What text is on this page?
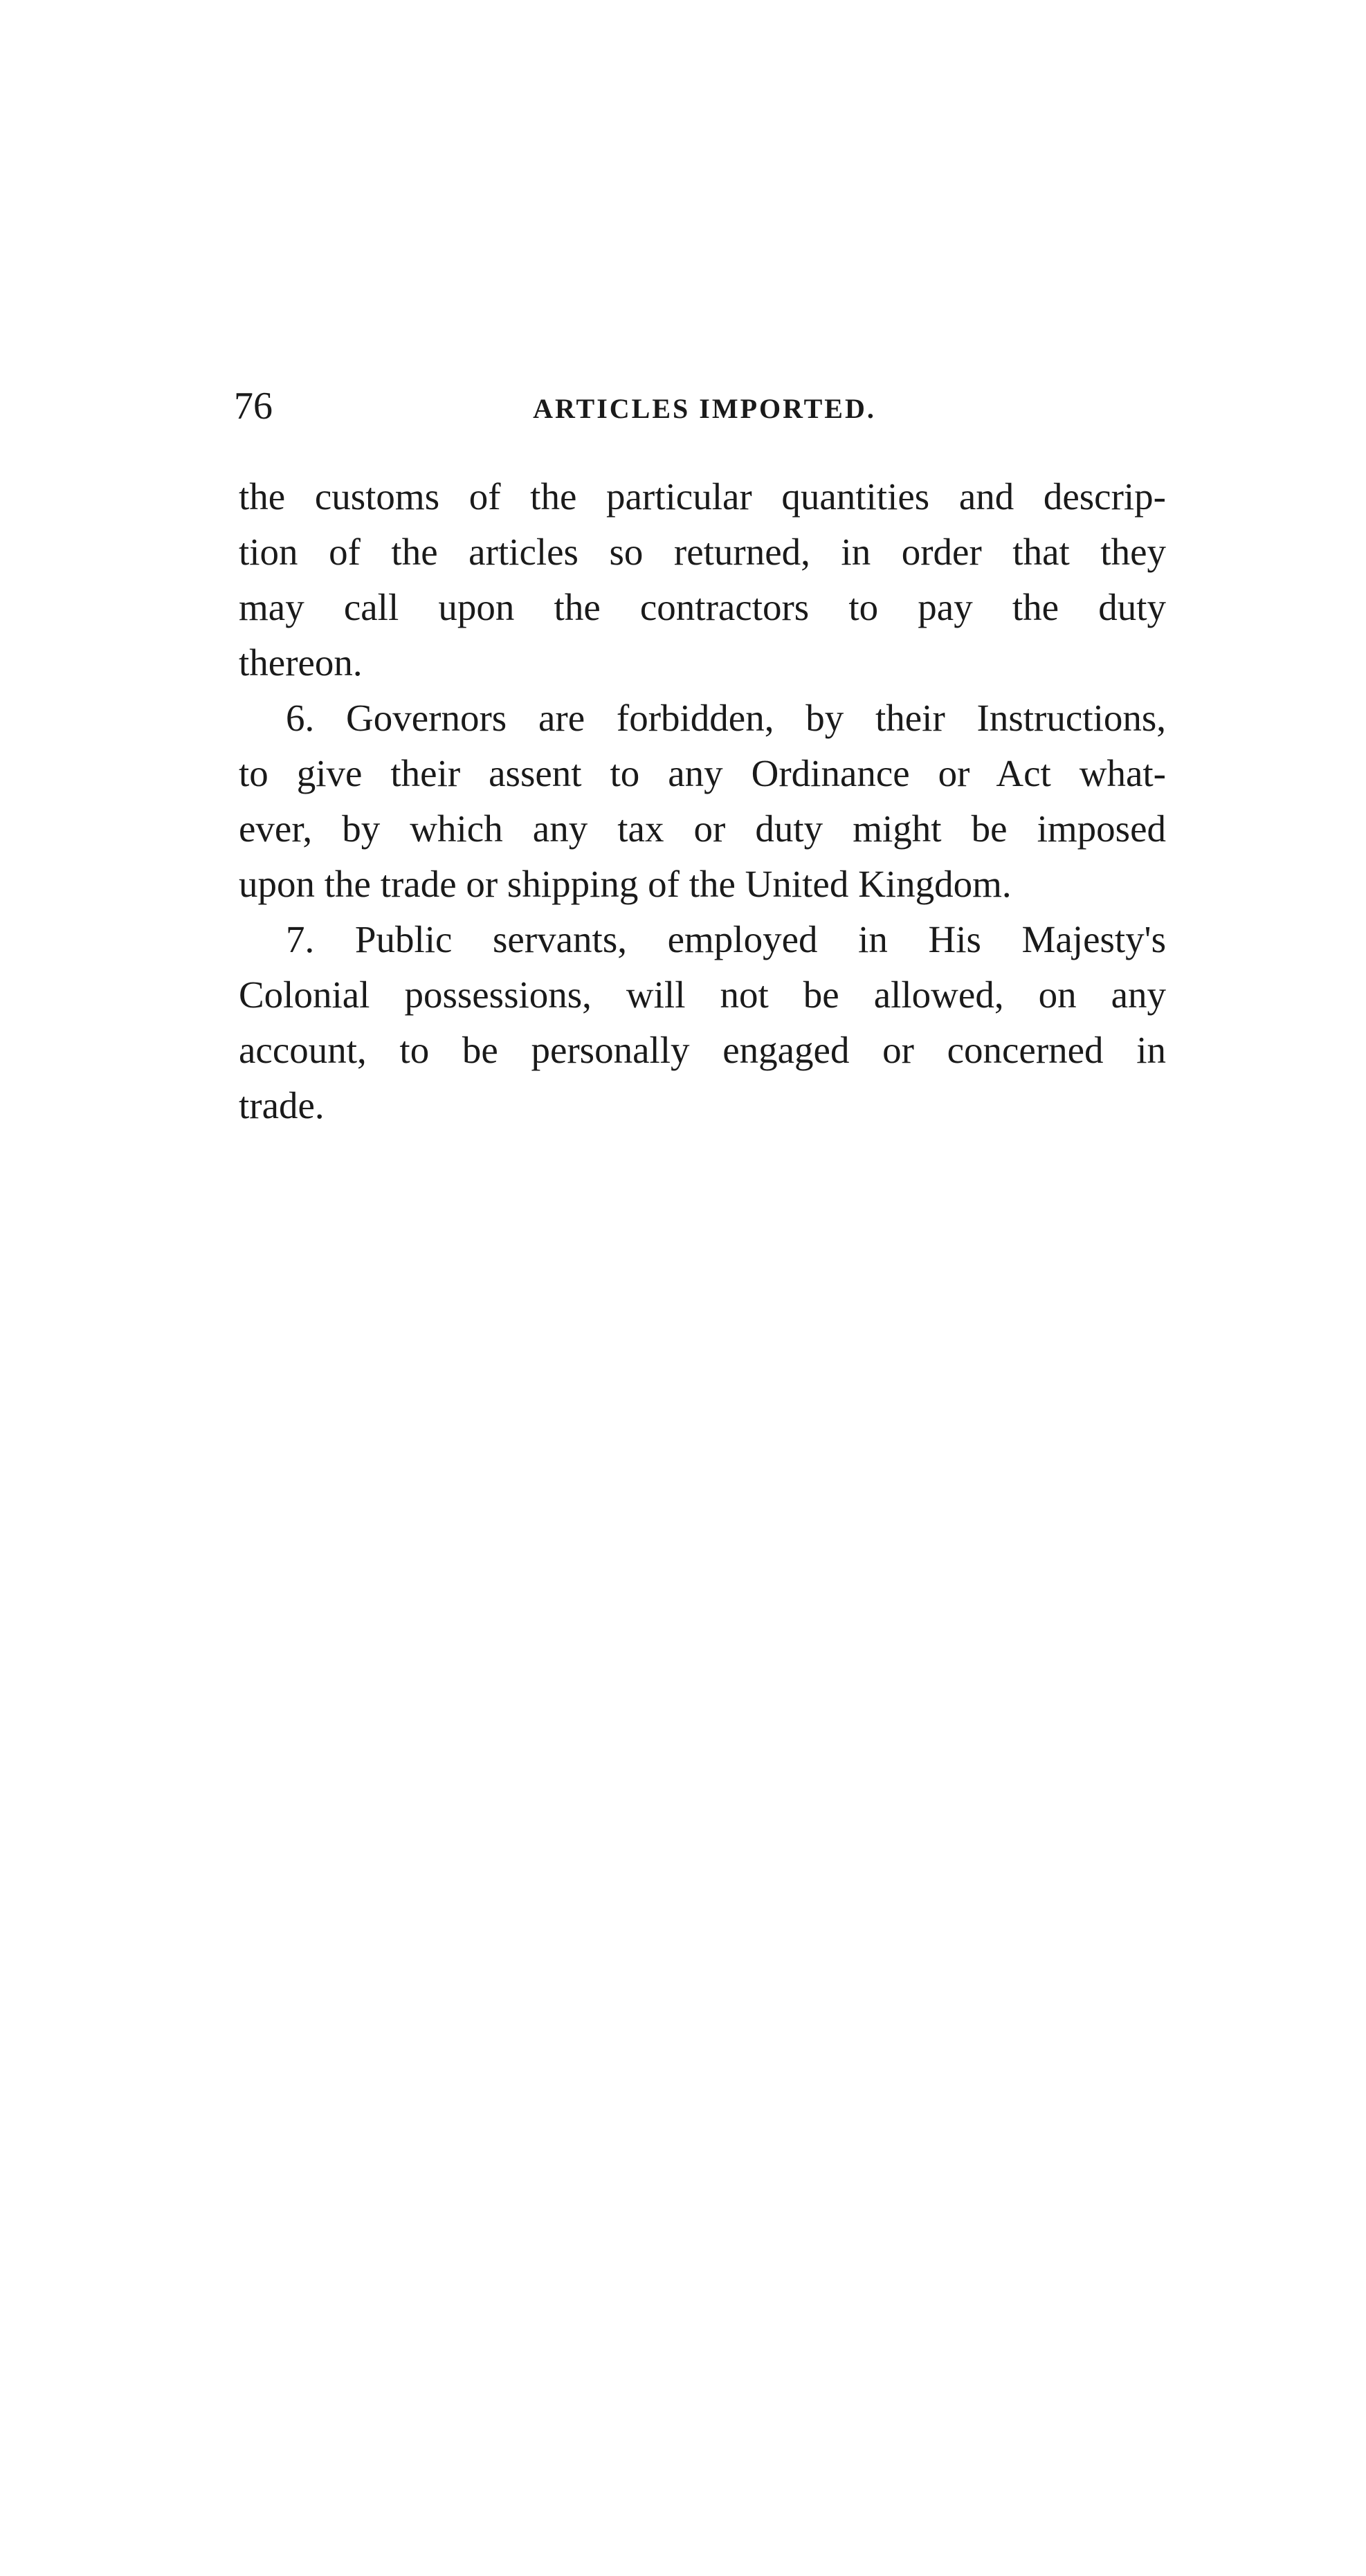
76	ARTICLES IMPORTED.
the customs of the particular quantities and descrip-
tion of the articles so returned, in order that they
may call upon the contractors to pay the duty
thereon.
6. Governors are forbidden, by their Instructions,
to give their assent to any Ordinance or Act what-
ever, by which any tax or duty might be imposed
upon the trade or shipping of the United Kingdom.
7. Public servants, employed in His Majesty's
Colonial possessions, will not be allowed, on any
account, to be personally engaged or concerned in
trade.
